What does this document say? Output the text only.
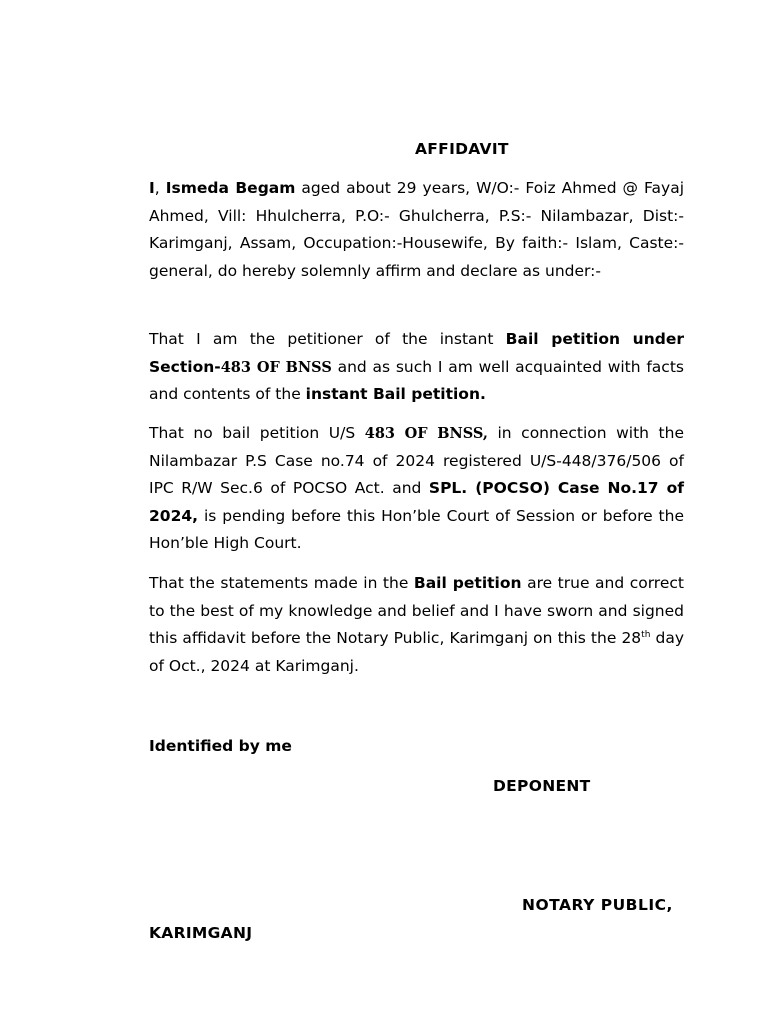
AFFIDAVIT

I, Ismeda Begam aged about 29 years, W/O:- Foiz Ahmed @ Fayaj Ahmed, Vill: Hhulcherra, P.O:- Ghulcherra, P.S:- Nilambazar, Dist:- Karimganj, Assam, Occupation:-Housewife, By faith:- Islam, Caste:-general, do hereby solemnly affirm and declare as under:-

That I am the petitioner of the instant Bail petition under Section-483 OF BNSS and as such I am well acquainted with facts and contents of the instant Bail petition.

That no bail petition U/S 483 OF BNSS, in connection with the Nilambazar P.S Case no.74 of 2024 registered U/S-448/376/506 of IPC R/W Sec.6 of POCSO Act. and SPL. (POCSO) Case No.17 of 2024, is pending before this Hon’ble Court of Session or before the Hon’ble High Court.

That the statements made in the Bail petition are true and correct to the best of my knowledge and belief and I have sworn and signed this affidavit before the Notary Public, Karimganj on this the 28th day of Oct., 2024 at Karimganj.

Identified by me
DEPONENT
NOTARY PUBLIC,
KARIMGANJ
